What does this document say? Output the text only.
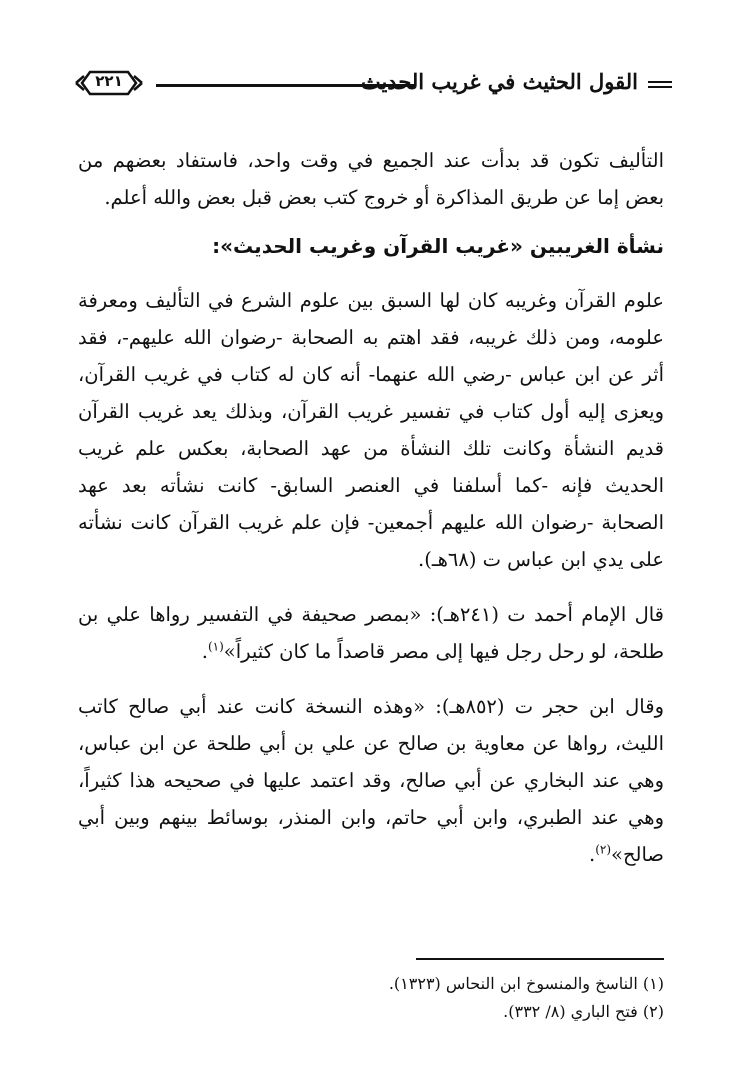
٢٢١	القول الحثيث في غريب الحديث

التأليف تكون قد بدأت عند الجميع في وقت واحد، فاستفاد بعضهم من بعض إما عن طريق المذاكرة أو خروج كتب بعض قبل بعض والله أعلم.

نشأة الغريبين «غريب القرآن وغريب الحديث»:

علوم القرآن وغريبه كان لها السبق بين علوم الشرع في التأليف ومعرفة علومه، ومن ذلك غريبه، فقد اهتم به الصحابة -رضوان الله عليهم-، فقد أثر عن ابن عباس -رضي الله عنهما- أنه كان له كتاب في غريب القرآن، ويعزى إليه أول كتاب في تفسير غريب القرآن، وبذلك يعد غريب القرآن قديم النشأة وكانت تلك النشأة من عهد الصحابة، بعكس علم غريب الحديث فإنه -كما أسلفنا في العنصر السابق- كانت نشأته بعد عهد الصحابة -رضوان الله عليهم أجمعين- فإن علم غريب القرآن كانت نشأته على يدي ابن عباس ت (٦٨هـ).

قال الإمام أحمد ت (٢٤١هـ): «بمصر صحيفة في التفسير رواها علي بن طلحة، لو رحل رجل فيها إلى مصر قاصداً ما كان كثيراً»$^{(١)}$.

وقال ابن حجر ت (٨٥٢هـ): «وهذه النسخة كانت عند أبي صالح كاتب الليث، رواها عن معاوية بن صالح عن علي بن أبي طلحة عن ابن عباس، وهي عند البخاري عن أبي صالح، وقد اعتمد عليها في صحيحه هذا كثيراً، وهي عند الطبري، وابن أبي حاتم، وابن المنذر، بوسائط بينهم وبين أبي صالح»$^{(٢)}$.

(١) الناسخ والمنسوخ ابن النحاس (١٣٢٣).

(٢) فتح الباري (٨/ ٣٣٢).
